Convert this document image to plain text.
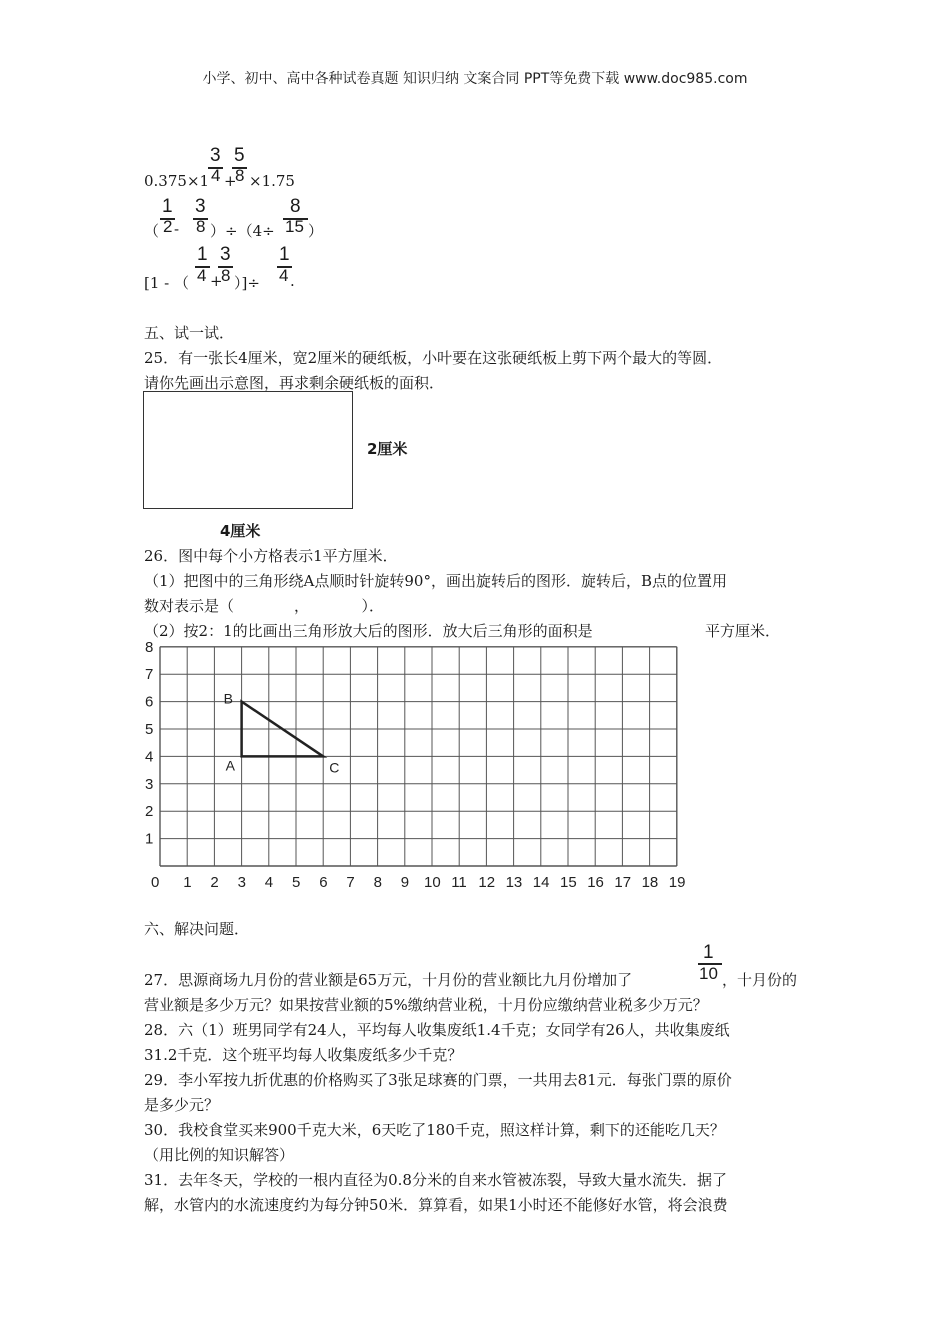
小学、初中、高中各种试卷真题 知识归纳 文案合同 PPT等免费下载 www.doc985.com
3 5
0.375×1 4 +
8 ×1.75
1 3	8
（ 2 - 8 ）÷（4÷ 15 ）
1 3	1
[1 - （ 4 +
8 ）]÷ 4 .
五、试一试．
25．有一张长4厘米，宽2厘米的硬纸板，小叶要在这张硬纸板上剪下两个最大的等圆．
请你先画出示意图，再求剩余硬纸板的面积．
2厘米
4厘米
26．图中每个小方格表示1平方厘米．
（1）把图中的三角形绕A点顺时针旋转90°，画出旋转后的图形．旋转后，B点的位置用
数对表示是（　　　　，　　　　）．
（2）按2：1的比画出三角形放大后的图形．放大后三角形的面积是	平方厘米．
0 1 2 3 4 5 6 7 8 9 10 11 12 13 14 15 16 17 18 19
1
2
3
4
5
6
7
8
A
B
C
六、解决问题．
1
10
27．思源商场九月份的营业额是65万元，十月份的营业额比九月份增加了	，十月份的
营业额是多少万元？如果按营业额的5%缴纳营业税，十月份应缴纳营业税多少万元？
28．六（1）班男同学有24人，平均每人收集废纸1.4千克；女同学有26人，共收集废纸
31.2千克．这个班平均每人收集废纸多少千克？
29．李小军按九折优惠的价格购买了3张足球赛的门票，一共用去81元．每张门票的原价
是多少元？
30．我校食堂买来900千克大米，6天吃了180千克，照这样计算，剩下的还能吃几天？
（用比例的知识解答）
31．去年冬天，学校的一根内直径为0.8分米的自来水管被冻裂，导致大量水流失．据了
解，水管内的水流速度约为每分钟50米．算算看，如果1小时还不能修好水管，将会浪费
